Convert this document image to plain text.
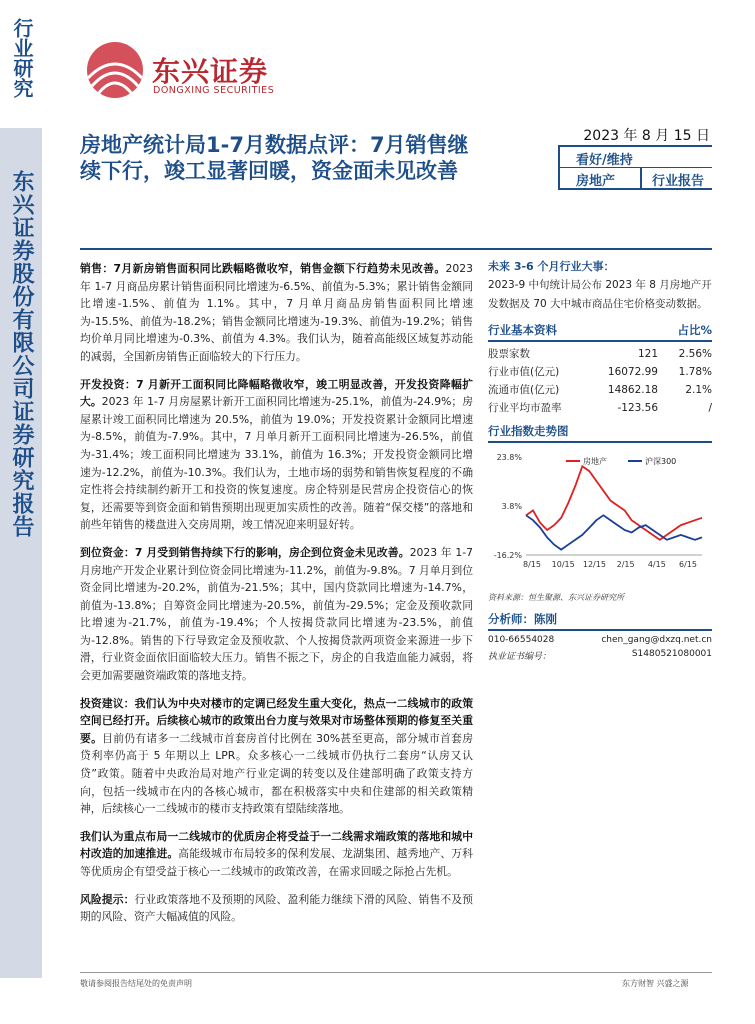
行业研究
东兴证券股份有限公司证券研究报告
东兴证券
DONGXING SECURITIES
房地产统计局1-7月数据点评：7月销售继续下行，竣工显著回暖，资金面未见改善
2023 年 8 月 15 日
看好/维持
房地产	行业报告

销售：7月新房销售面积同比跌幅略微收窄，销售金额下行趋势未见改善。2023 年 1-7 月商品房累计销售面积同比增速为-6.5%、前值为-5.3%；累计销售金额同比增速-1.5%、前值为 1.1%。其中，7 月单月商品房销售面积同比增速为-15.5%、前值为-18.2%；销售金额同比增速为-19.3%、前值为-19.2%；销售均价单月同比增速为-0.3%、前值为 4.3%。我们认为，随着高能级区域复苏动能的减弱，全国新房销售正面临较大的下行压力。

开发投资：7 月新开工面积同比降幅略微收窄，竣工明显改善，开发投资降幅扩大。2023 年 1-7 月房屋累计新开工面积同比增速为-25.1%，前值为-24.9%；房屋累计竣工面积同比增速为 20.5%，前值为 19.0%；开发投资累计金额同比增速为-8.5%，前值为-7.9%。其中，7 月单月新开工面积同比增速为-26.5%，前值为-31.4%；竣工面积同比增速为 33.1%，前值为 16.3%；开发投资金额同比增速为-12.2%，前值为-10.3%。我们认为，土地市场的弱势和销售恢复程度的不确定性将会持续制约新开工和投资的恢复速度。房企特别是民营房企投资信心的恢复，还需要等到资金面和销售预期出现更加实质性的改善。随着“保交楼”的落地和前些年销售的楼盘进入交房周期，竣工情况迎来明显好转。

到位资金：7 月受到销售持续下行的影响，房企到位资金未见改善。2023 年 1-7 月房地产开发企业累计到位资金同比增速为-11.2%，前值为-9.8%。7 月单月到位资金同比增速为-20.2%，前值为-21.5%；其中，国内贷款同比增速为-14.7%，前值为-13.8%；自筹资金同比增速为-20.5%，前值为-29.5%；定金及预收款同比增速为-21.7%，前值为-19.4%；个人按揭贷款同比增速为-23.5%，前值为-12.8%。销售的下行导致定金及预收款、个人按揭贷款两项资金来源进一步下滑，行业资金面依旧面临较大压力。销售不振之下，房企的自我造血能力减弱，将会更加需要融资端政策的落地支持。

投资建议：我们认为中央对楼市的定调已经发生重大变化，热点一二线城市的政策空间已经打开。后续核心城市的政策出台力度与效果对市场整体预期的修复至关重要。目前仍有诸多一二线城市首套房首付比例在 30%甚至更高，部分城市首套房贷利率仍高于 5 年期以上 LPR。众多核心一二线城市仍执行二套房“认房又认贷”政策。随着中央政治局对地产行业定调的转变以及住建部明确了政策支持方向，包括一线城市在内的各核心城市，都在积极落实中央和住建部的相关政策精神，后续核心一二线城市的楼市支持政策有望陆续落地。

我们认为重点布局一二线城市的优质房企将受益于一二线需求端政策的落地和城中村改造的加速推进。高能级城市布局较多的保利发展、龙湖集团、越秀地产、万科等优质房企有望受益于核心一二线城市的政策改善，在需求回暖之际抢占先机。

风险提示：行业政策落地不及预期的风险、盈利能力继续下滑的风险、销售不及预期的风险、资产大幅减值的风险。

未来 3-6 个月行业大事：
2023-9 中旬统计局公布 2023 年 8 月房地产开发数据及 70 大中城市商品住宅价格变动数据。
行业基本资料	占比%
股票家数	121	2.56%
行业市值(亿元)	16072.99	1.78%
流通市值(亿元)	14862.18	2.1%
行业平均市盈率	-123.56	/
行业指数走势图
23.8%
3.8%
-16.2%
8/15 10/15 12/15 2/15 4/15 6/15
房地产	沪深300
资料来源：恒生聚源、东兴证券研究所
分析师：陈刚
010-66554028	chen_gang@dxzq.net.cn
执业证书编号：	S1480521080001
敬请参阅报告结尾处的免责声明	东方财智 兴盛之源
